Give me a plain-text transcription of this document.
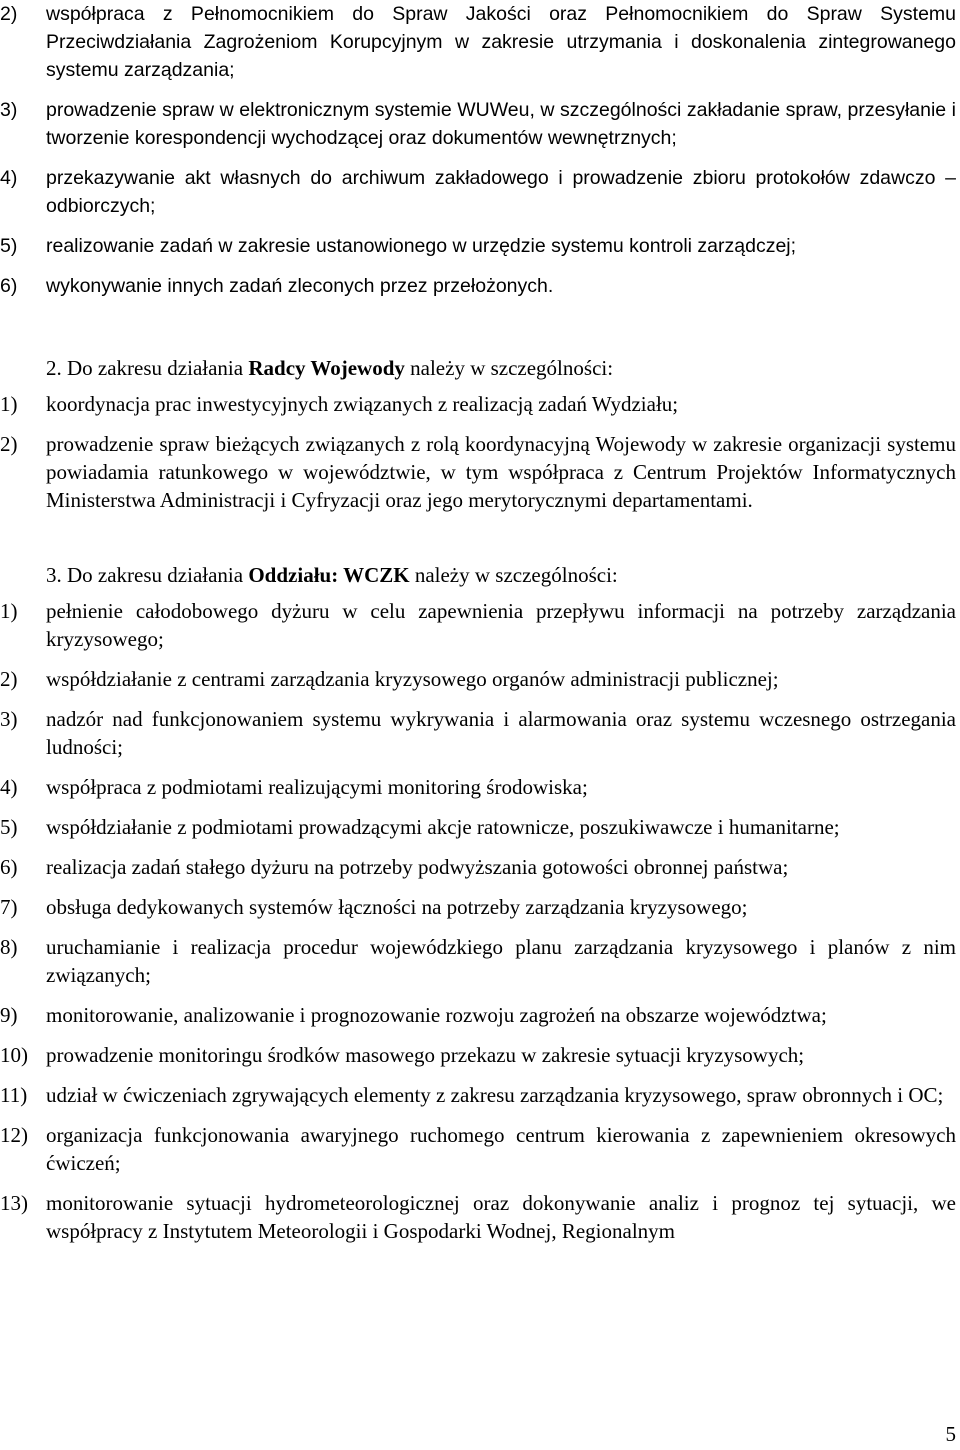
2) współpraca z Pełnomocnikiem do Spraw Jakości oraz Pełnomocnikiem do Spraw Systemu Przeciwdziałania Zagrożeniom Korupcyjnym w zakresie utrzymania i doskonalenia zintegrowanego systemu zarządzania;
3) prowadzenie spraw w elektronicznym systemie WUWeu, w szczególności zakładanie spraw, przesyłanie i tworzenie korespondencji wychodzącej oraz dokumentów wewnętrznych;
4) przekazywanie akt własnych do archiwum zakładowego i prowadzenie zbioru protokołów zdawczo – odbiorczych;
5) realizowanie zadań w zakresie ustanowionego w urzędzie systemu kontroli zarządczej;
6) wykonywanie innych zadań zleconych przez przełożonych.
2. Do zakresu działania Radcy Wojewody należy w szczególności:
1) koordynacja prac inwestycyjnych związanych z realizacją zadań Wydziału;
2) prowadzenie spraw bieżących związanych z rolą koordynacyjną Wojewody w zakresie organizacji systemu powiadamia ratunkowego w województwie, w tym współpraca z Centrum Projektów Informatycznych Ministerstwa Administracji i Cyfryzacji oraz jego merytorycznymi departamentami.
3. Do zakresu działania Oddziału: WCZK należy w szczególności:
1) pełnienie całodobowego dyżuru w celu zapewnienia przepływu informacji na potrzeby zarządzania kryzysowego;
2) współdziałanie z centrami zarządzania kryzysowego organów administracji publicznej;
3) nadzór nad funkcjonowaniem systemu wykrywania i alarmowania oraz systemu wczesnego ostrzegania ludności;
4) współpraca z podmiotami realizującymi monitoring środowiska;
5) współdziałanie z podmiotami prowadzącymi akcje ratownicze, poszukiwawcze i humanitarne;
6) realizacja zadań stałego dyżuru na potrzeby podwyższania gotowości obronnej państwa;
7) obsługa dedykowanych systemów łączności na potrzeby zarządzania kryzysowego;
8) uruchamianie i realizacja procedur wojewódzkiego planu zarządzania kryzysowego i planów z nim związanych;
9) monitorowanie, analizowanie i prognozowanie rozwoju zagrożeń na obszarze województwa;
10) prowadzenie monitoringu środków masowego przekazu w zakresie sytuacji kryzysowych;
11) udział w ćwiczeniach zgrywających elementy z zakresu zarządzania kryzysowego, spraw obronnych i OC;
12) organizacja funkcjonowania awaryjnego ruchomego centrum kierowania z zapewnieniem okresowych ćwiczeń;
13) monitorowanie sytuacji hydrometeorologicznej oraz dokonywanie analiz i prognoz tej sytuacji, we współpracy z Instytutem Meteorologii i Gospodarki Wodnej, Regionalnym
5
